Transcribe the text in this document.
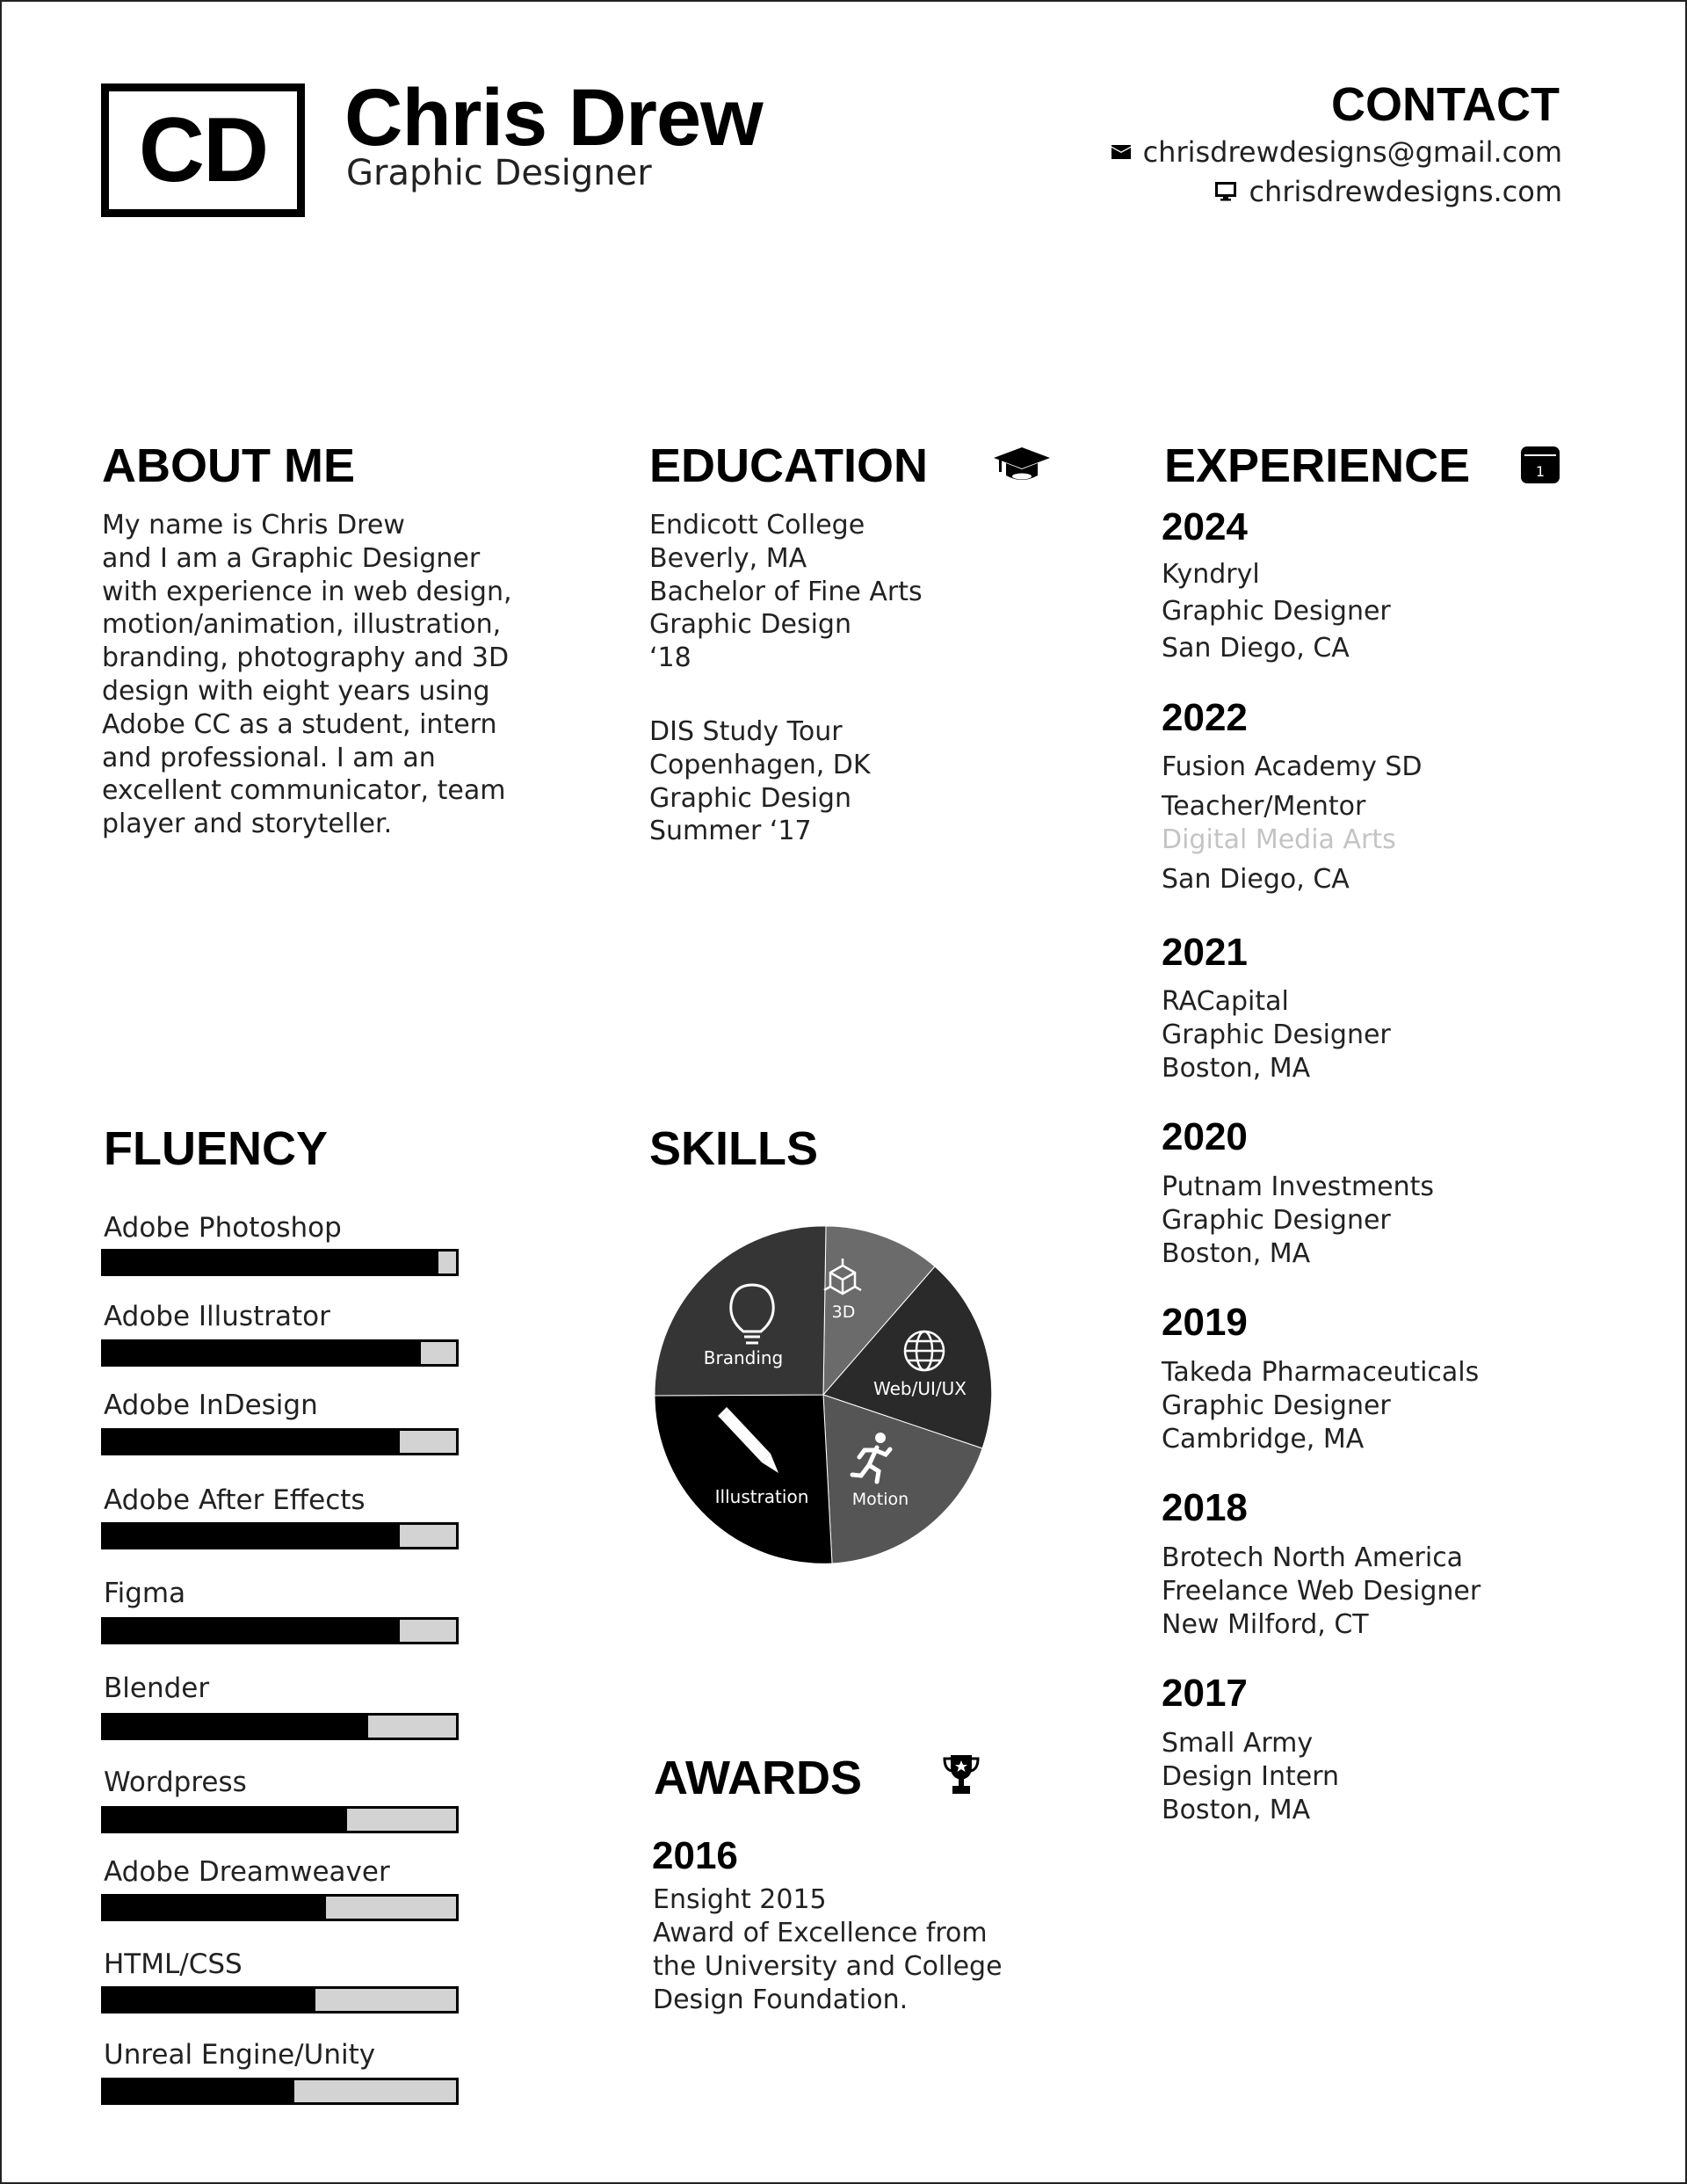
CD Chris Drew
Graphic Designer
CONTACT
chrisdrewdesigns@gmail.com
chrisdrewdesigns.com
ABOUT ME
My name is Chris Drew
and I am a Graphic Designer
with experience in web design,
motion/animation, illustration,
branding, photography and 3D
design with eight years using
Adobe CC as a student, intern
and professional. I am an
excellent communicator, team
player and storyteller.
EDUCATION
Endicott College
Beverly, MA
Bachelor of Fine Arts
Graphic Design
‘18
DIS Study Tour
Copenhagen, DK
Graphic Design
Summer ‘17
EXPERIENCE	1
2024
Kyndryl
Graphic Designer
San Diego, CA
2022
Fusion Academy SD
Teacher/Mentor
Digital Media Arts
San Diego, CA
2021
RACapital
Graphic Designer
Boston, MA
2020
Putnam Investments
Graphic Designer
Boston, MA
2019
Takeda Pharmaceuticals
Graphic Designer
Cambridge, MA
2018
Brotech North America
Freelance Web Designer
New Milford, CT
2017
Small Army
Design Intern
Boston, MA
FLUENCY
Adobe Photoshop
Adobe Illustrator
Adobe InDesign
Adobe After Effects
Figma
Blender
Wordpress
Adobe Dreamweaver
HTML/CSS
Unreal Engine/Unity
SKILLS
3D
Web/UI/UX
Motion
Illustration
Branding
AWARDS
2016
Ensight 2015
Award of Excellence from
the University and College
Design Foundation.
